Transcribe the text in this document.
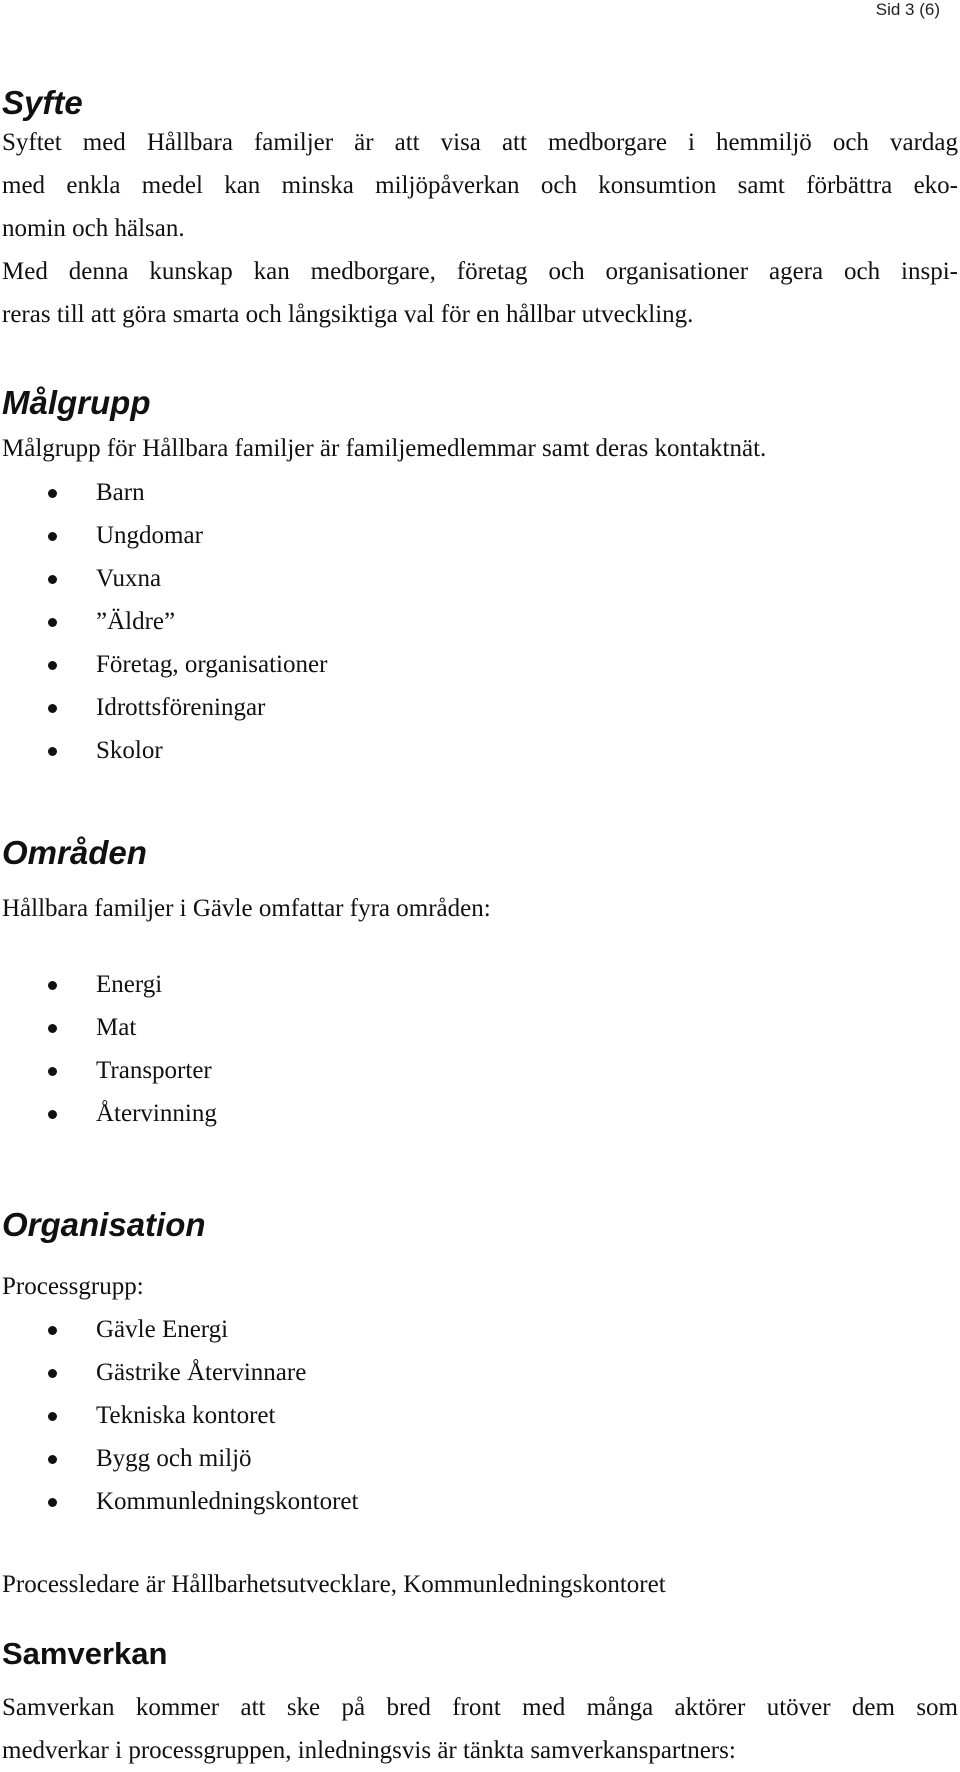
Sid 3 (6)
Syfte
Syftet med Hållbara familjer är att visa att medborgare i hemmiljö och vardag
med enkla medel kan minska miljöpåverkan och konsumtion samt förbättra eko-
nomin och hälsan.
Med denna kunskap kan medborgare, företag och organisationer agera och inspi-
reras till att göra smarta och långsiktiga val för en hållbar utveckling.
Målgrupp
Målgrupp för Hållbara familjer är familjemedlemmar samt deras kontaktnät.
Barn
Ungdomar
Vuxna
”Äldre”
Företag, organisationer
Idrottsföreningar
Skolor
Områden
Hållbara familjer i Gävle omfattar fyra områden:
Energi
Mat
Transporter
Återvinning
Organisation
Processgrupp:
Gävle Energi
Gästrike Återvinnare
Tekniska kontoret
Bygg och miljö
Kommunledningskontoret
Processledare är Hållbarhetsutvecklare, Kommunledningskontoret
Samverkan
Samverkan kommer att ske på bred front med många aktörer utöver dem som
medverkar i processgruppen, inledningsvis är tänkta samverkanspartners:
